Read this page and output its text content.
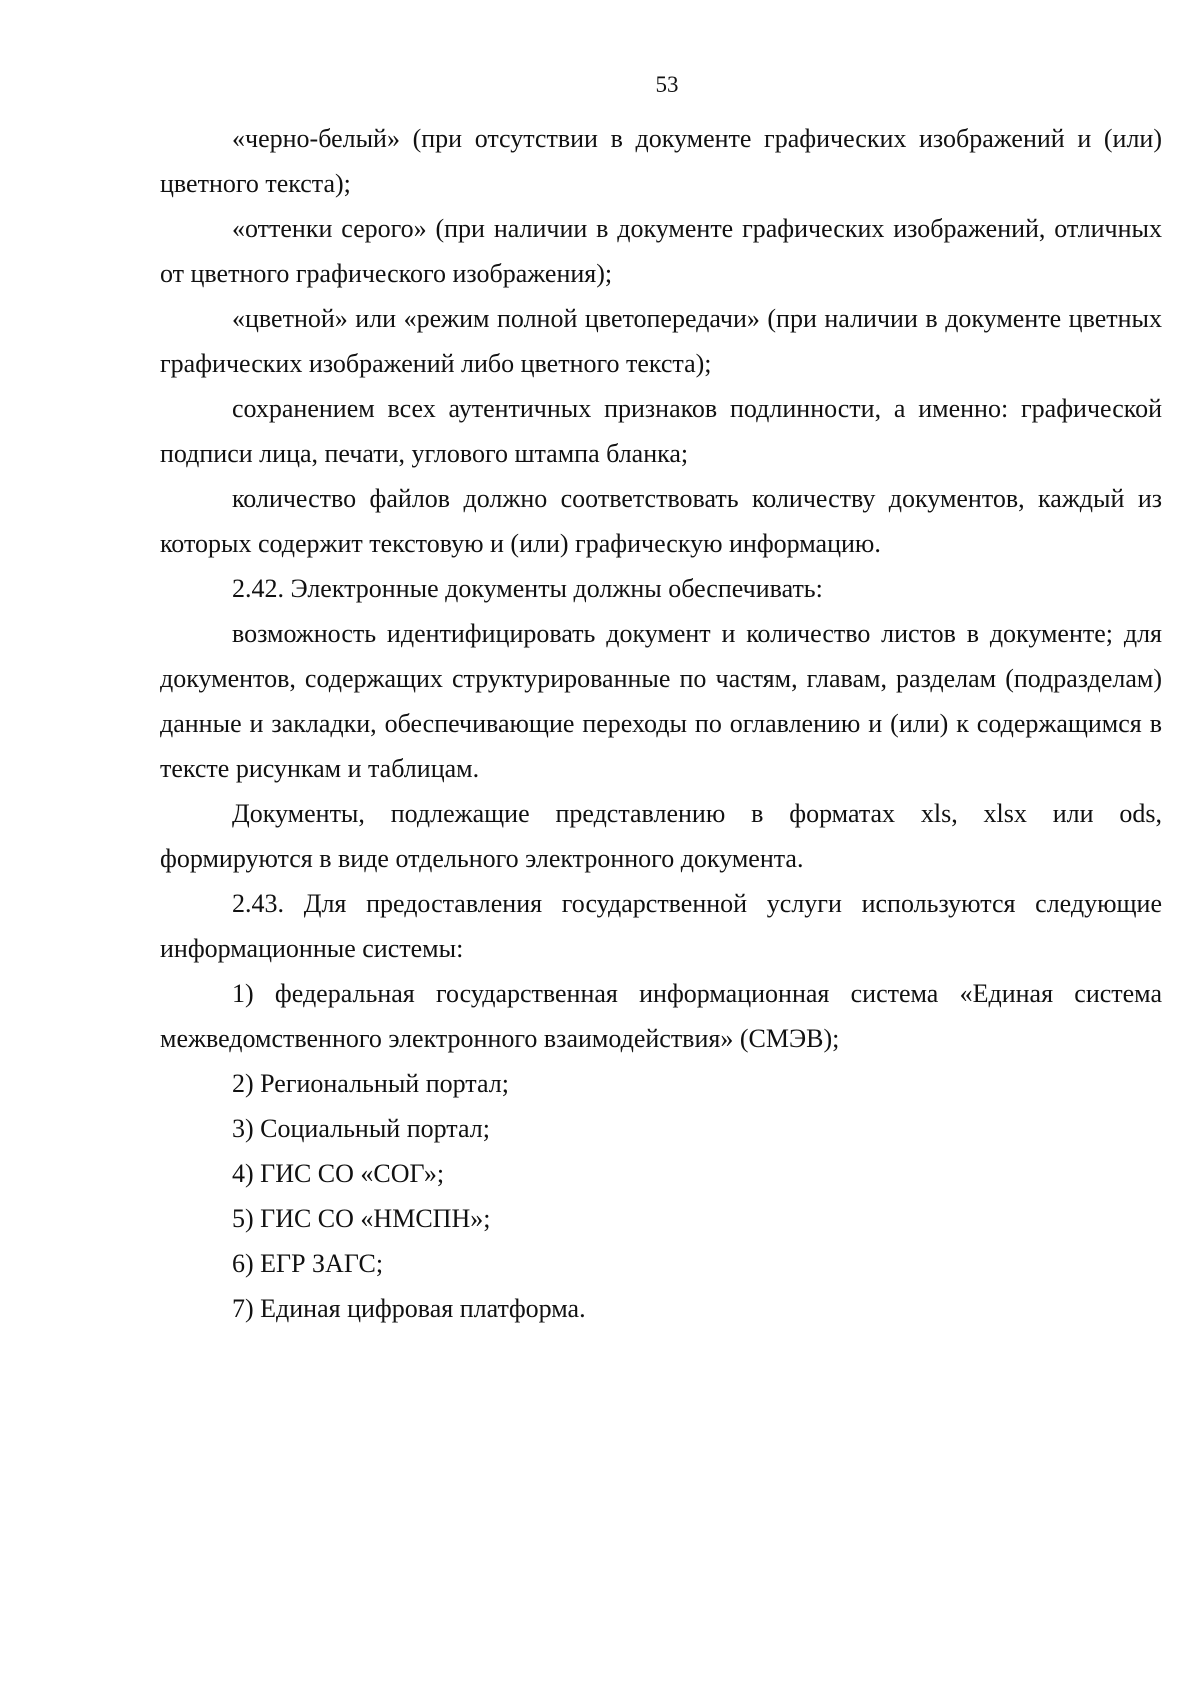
53

«черно-белый» (при отсутствии в документе графических изображений и (или) цветного текста);

«оттенки серого» (при наличии в документе графических изображений, отличных от цветного графического изображения);

«цветной» или «режим полной цветопередачи» (при наличии в документе цветных графических изображений либо цветного текста);

сохранением всех аутентичных признаков подлинности, а именно: графической подписи лица, печати, углового штампа бланка;

количество файлов должно соответствовать количеству документов, каждый из которых содержит текстовую и (или) графическую информацию.

2.42. Электронные документы должны обеспечивать:

возможность идентифицировать документ и количество листов в документе; для документов, содержащих структурированные по частям, главам, разделам (подразделам) данные и закладки, обеспечивающие переходы по оглавлению и (или) к содержащимся в тексте рисункам и таблицам.

Документы, подлежащие представлению в форматах xls, xlsx или ods, формируются в виде отдельного электронного документа.

2.43. Для предоставления государственной услуги используются следующие информационные системы:

1) федеральная государственная информационная система «Единая система межведомственного электронного взаимодействия» (СМЭВ);

2) Региональный портал;

3) Социальный портал;

4) ГИС СО «СОГ»;

5) ГИС СО «НМСПН»;

6) ЕГР ЗАГС;

7) Единая цифровая платформа.
